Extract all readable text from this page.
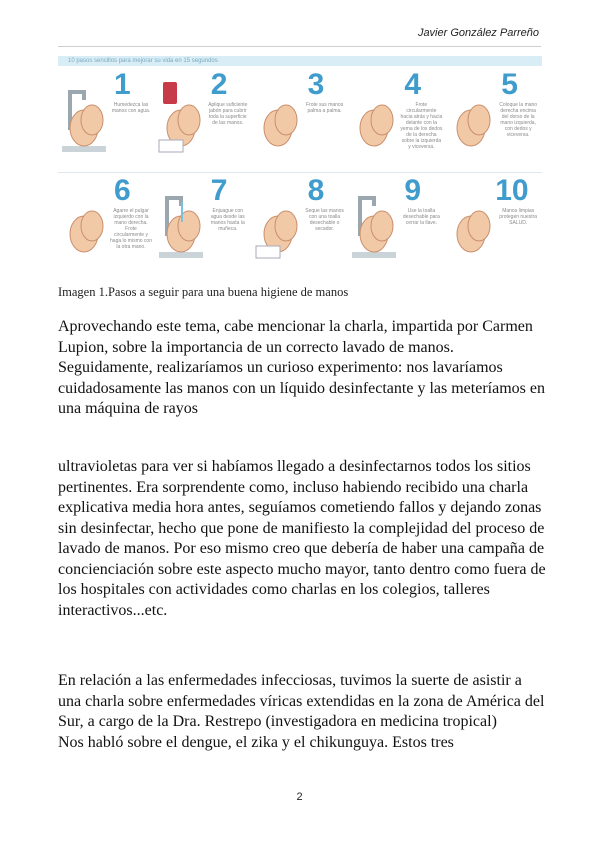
Javier González Parreño
10 pasos sencillos para mejorar su vida en 15 segundos
1
Humedezca las manos con agua.
2
Aplique suficiente jabón para cubrir toda la superficie de las manos.
3
Frote sus manos palma a palma.
4
Frote circularmente hacia atrás y hacia delante con la yema de los dedos de la derecha sobre la izquierda y viceversa.
5
Coloque la mano derecha encima del dorso de la mano izquierda, con dedos y viceversa.
6
Agarre el pulgar izquierdo con la mano derecha. Frote circularmente y haga lo mismo con la otra mano.
7
Enjuague con agua desde las manos hasta la muñeca.
8
Seque las manos con una toalla desechable o secador.
9
Use la toalla desechable para cerrar la llave.
10
Manos limpias protegen nuestra SALUD.
Imagen 1.Pasos a seguir para una buena higiene de manos

Aprovechando este tema, cabe mencionar la charla, impartida por Carmen Lupion, sobre la importancia de un correcto lavado de manos.
Seguidamente, realizaríamos un curioso experimento: nos lavaríamos cuidadosamente las manos con un líquido desinfectante y las meteríamos en una máquina de rayos

ultravioletas para ver si habíamos llegado a desinfectarnos todos los sitios pertinentes. Era sorprendente como, incluso habiendo recibido una charla explicativa media hora antes, seguíamos cometiendo fallos y dejando zonas sin desinfectar, hecho que pone de manifiesto la complejidad del proceso de lavado de manos. Por eso mismo creo que debería de haber una campaña de concienciación sobre este aspecto mucho mayor, tanto dentro como fuera de los hospitales con actividades como charlas en los colegios, talleres interactivos...etc.

En relación a las enfermedades infecciosas, tuvimos la suerte de asistir a una charla sobre enfermedades víricas extendidas en la zona de América del Sur, a cargo de la Dra. Restrepo (investigadora en medicina tropical)
Nos habló sobre el dengue, el zika y el chikunguya. Estos tres

2
